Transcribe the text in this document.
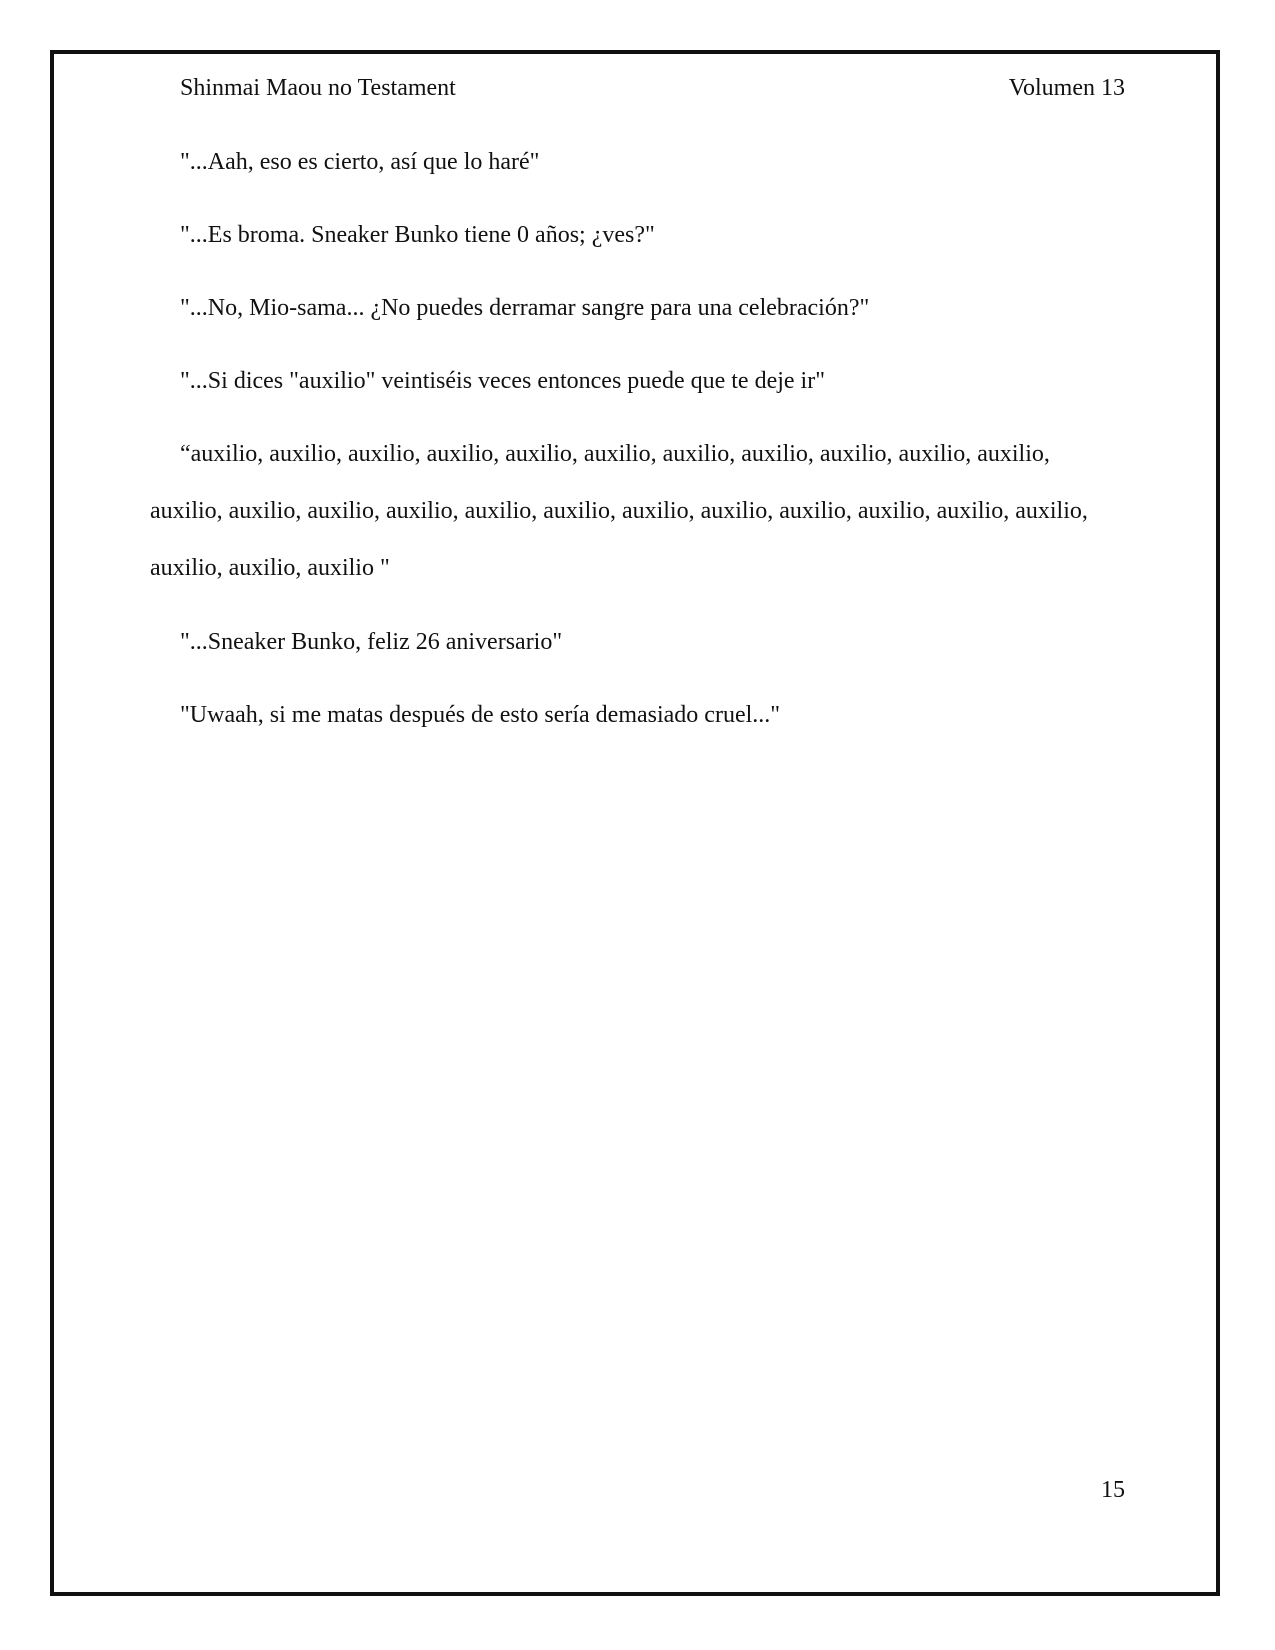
Shinmai Maou no Testament	Volumen 13

"...Aah, eso es cierto, así que lo haré"

"...Es broma. Sneaker Bunko tiene 0 años; ¿ves?"

"...No, Mio-sama... ¿No puedes derramar sangre para una celebración?"

"...Si dices "auxilio" veintiséis veces entonces puede que te deje ir"

“auxilio, auxilio, auxilio, auxilio, auxilio, auxilio, auxilio, auxilio, auxilio, auxilio, auxilio, auxilio, auxilio, auxilio, auxilio, auxilio, auxilio, auxilio, auxilio, auxilio, auxilio, auxilio, auxilio, auxilio, auxilio, auxilio "

"...Sneaker Bunko, feliz 26 aniversario"

"Uwaah, si me matas después de esto sería demasiado cruel..."

15
